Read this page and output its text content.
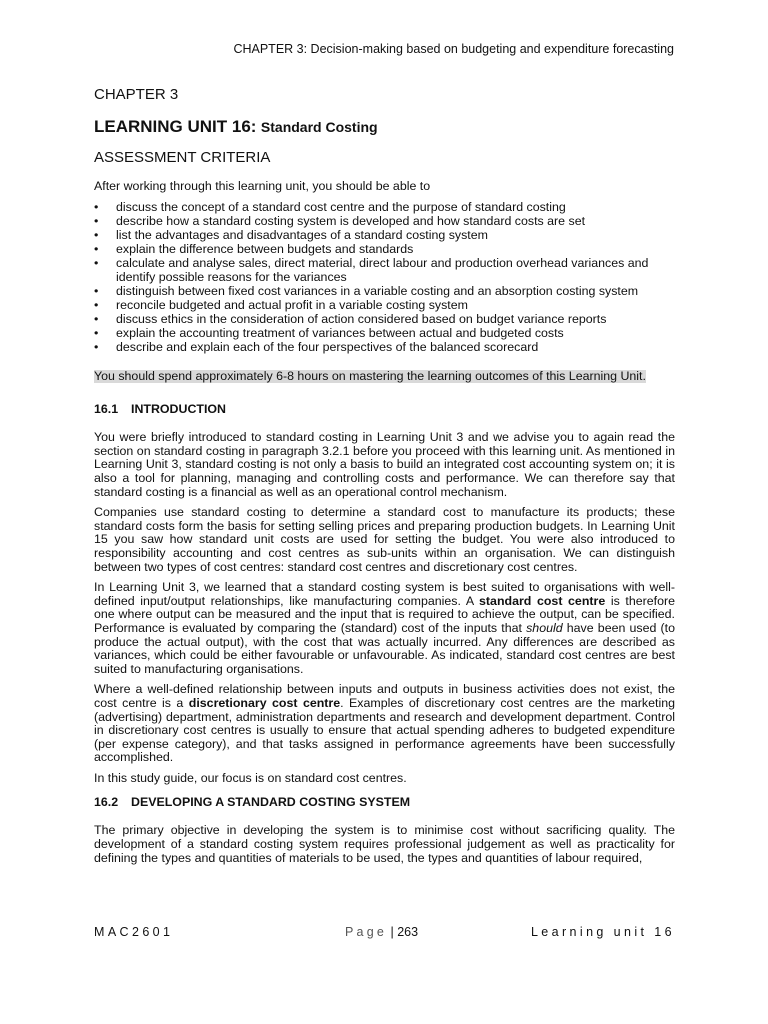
CHAPTER 3: Decision-making based on budgeting and expenditure forecasting
CHAPTER 3
LEARNING UNIT 16: Standard Costing
ASSESSMENT CRITERIA

After working through this learning unit, you should be able to

• discuss the concept of a standard cost centre and the purpose of standard costing
• describe how a standard costing system is developed and how standard costs are set
• list the advantages and disadvantages of a standard costing system
• explain the difference between budgets and standards
• calculate and analyse sales, direct material, direct labour and production overhead variances and identify possible reasons for the variances
• distinguish between fixed cost variances in a variable costing and an absorption costing system
• reconcile budgeted and actual profit in a variable costing system
• discuss ethics in the consideration of action considered based on budget variance reports
• explain the accounting treatment of variances between actual and budgeted costs
• describe and explain each of the four perspectives of the balanced scorecard

You should spend approximately 6-8 hours on mastering the learning outcomes of this Learning Unit.

16.1 INTRODUCTION

You were briefly introduced to standard costing in Learning Unit 3 and we advise you to again read the section on standard costing in paragraph 3.2.1 before you proceed with this learning unit. As mentioned in Learning Unit 3, standard costing is not only a basis to build an integrated cost accounting system on; it is also a tool for planning, managing and controlling costs and performance. We can therefore say that standard costing is a financial as well as an operational control mechanism.

Companies use standard costing to determine a standard cost to manufacture its products; these standard costs form the basis for setting selling prices and preparing production budgets. In Learning Unit 15 you saw how standard unit costs are used for setting the budget. You were also introduced to responsibility accounting and cost centres as sub-units within an organisation. We can distinguish between two types of cost centres: standard cost centres and discretionary cost centres.

In Learning Unit 3, we learned that a standard costing system is best suited to organisations with well-defined input/output relationships, like manufacturing companies. A standard cost centre is therefore one where output can be measured and the input that is required to achieve the output, can be specified. Performance is evaluated by comparing the (standard) cost of the inputs that should have been used (to produce the actual output), with the cost that was actually incurred. Any differences are described as variances, which could be either favourable or unfavourable. As indicated, standard cost centres are best suited to manufacturing organisations.

Where a well-defined relationship between inputs and outputs in business activities does not exist, the cost centre is a discretionary cost centre. Examples of discretionary cost centres are the marketing (advertising) department, administration departments and research and development department. Control in discretionary cost centres is usually to ensure that actual spending adheres to budgeted expenditure (per expense category), and that tasks assigned in performance agreements have been successfully accomplished.

In this study guide, our focus is on standard cost centres.

16.2 DEVELOPING A STANDARD COSTING SYSTEM

The primary objective in developing the system is to minimise cost without sacrificing quality. The development of a standard costing system requires professional judgement as well as practicality for defining the types and quantities of materials to be used, the types and quantities of labour required,

MAC2601	Page | 263	Learning unit 16
